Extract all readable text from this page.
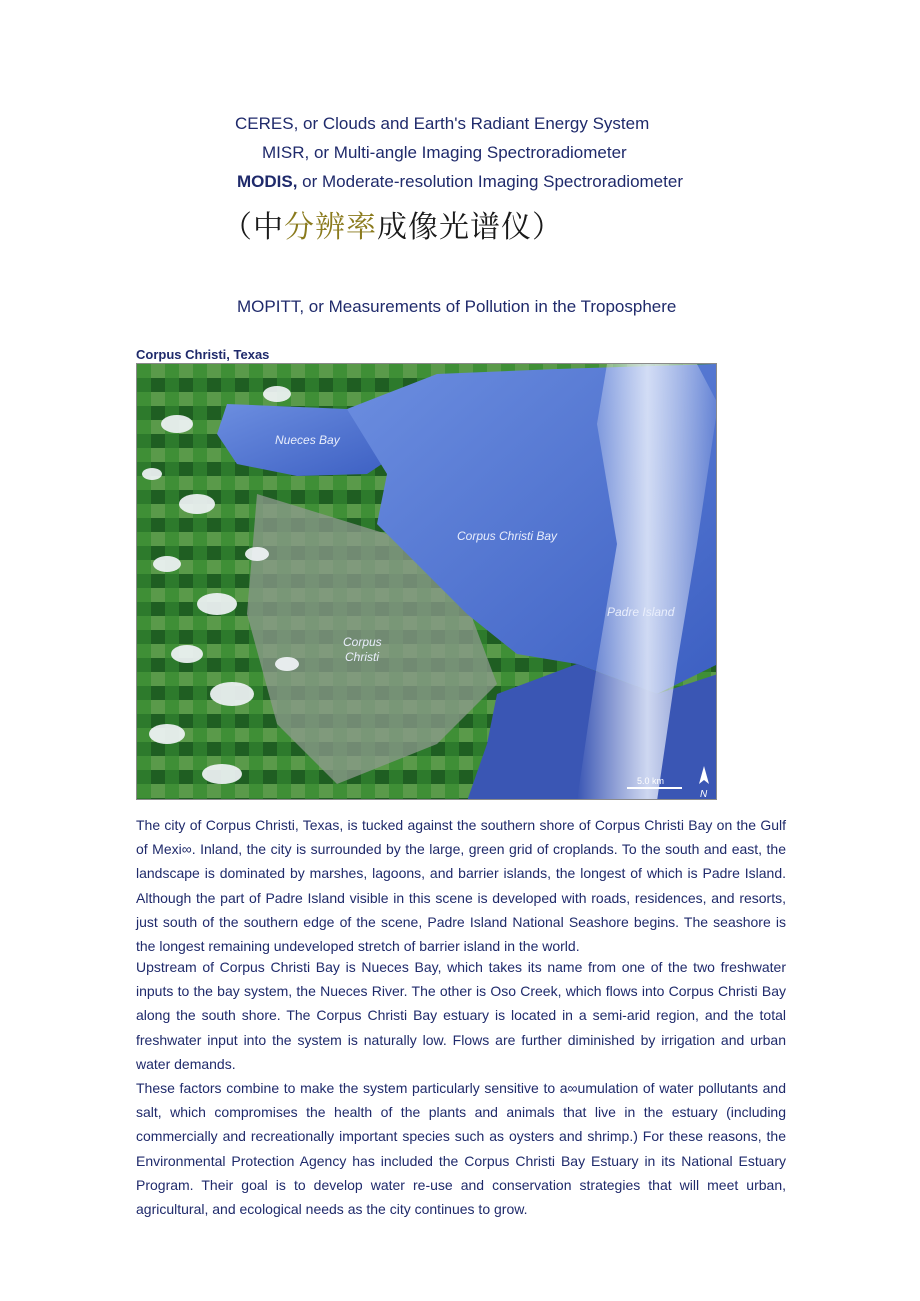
CERES, or Clouds and Earth's Radiant Energy System
MISR, or Multi-angle Imaging Spectroradiometer
MODIS, or Moderate-resolution Imaging Spectroradiometer
（中分辨率成像光谱仪）
MOPITT, or Measurements of Pollution in the Troposphere
Corpus Christi, Texas
Nueces Bay
Corpus Christi Bay
Padre Island
Corpus
Christi
5.0 km
N

The city of Corpus Christi, Texas, is tucked against the southern shore of Corpus Christi Bay on the Gulf of Mexi∞. Inland, the city is surrounded by the large, green grid of croplands. To the south and east, the landscape is dominated by marshes, lagoons, and barrier islands, the longest of which is Padre Island. Although the part of Padre Island visible in this scene is developed with roads, residences, and resorts, just south of the southern edge of the scene, Padre Island National Seashore begins. The seashore is the longest remaining undeveloped stretch of barrier island in the world.

Upstream of Corpus Christi Bay is Nueces Bay, which takes its name from one of the two freshwater inputs to the bay system, the Nueces River. The other is Oso Creek, which flows into Corpus Christi Bay along the south shore. The Corpus Christi Bay estuary is located in a semi-arid region, and the total freshwater input into the system is naturally low. Flows are further diminished by irrigation and urban water demands.

These factors combine to make the system particularly sensitive to a∞umulation of water pollutants and salt, which compromises the health of the plants and animals that live in the estuary (including commercially and recreationally important species such as oysters and shrimp.) For these reasons, the Environmental Protection Agency has included the Corpus Christi Bay Estuary in its National Estuary Program. Their goal is to develop water re-use and conservation strategies that will meet urban, agricultural, and ecological needs as the city continues to grow.
